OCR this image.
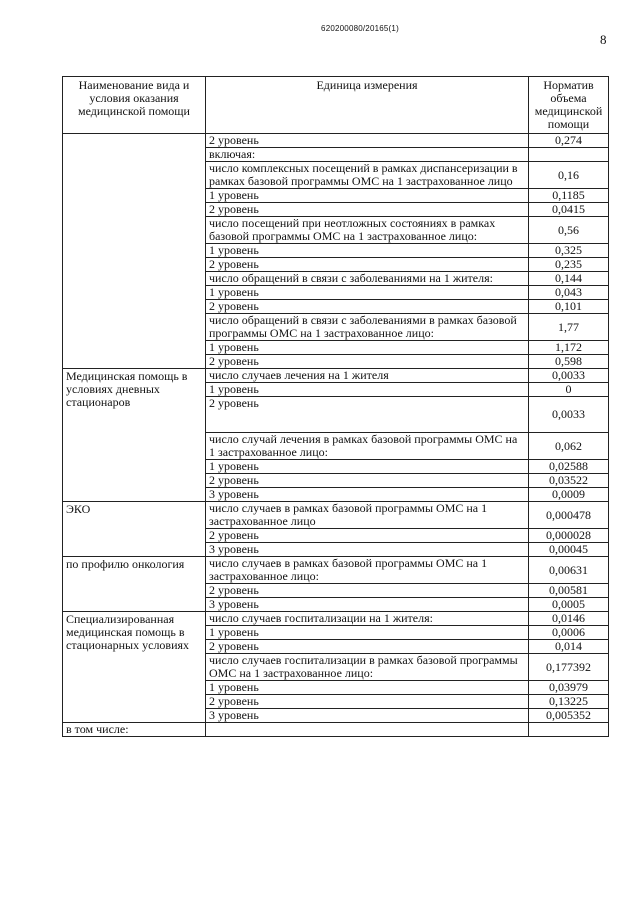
620200080/20165(1)
8
Наименование вида и условия оказания медицинской помощи	Единица измерения	Норматив объема медицинской помощи
	2 уровень	0,274
	включая:	
	число комплексных посещений в рамках диспансеризации в рамках базовой программы ОМС на 1 застрахованное лицо	0,16
	1 уровень	0,1185
	2 уровень	0,0415
	число посещений при неотложных состояниях в рамках базовой программы ОМС на 1 застрахованное лицо:	0,56
	1 уровень	0,325
	2 уровень	0,235
	число обращений в связи с заболеваниями на 1 жителя:	0,144
	1 уровень	0,043
	2 уровень	0,101
	число обращений в связи с заболеваниями в рамках базовой программы ОМС на 1 застрахованное лицо:	1,77
	1 уровень	1,172
	2 уровень	0,598
Медицинская помощь в условиях дневных стационаров	число случаев лечения на 1 жителя	0,0033
	1 уровень	0
	2 уровень	0,0033
	число случай лечения в рамках базовой программы ОМС на 1 застрахованное лицо:	0,062
	1 уровень	0,02588
	2 уровень	0,03522
	3 уровень	0,0009
ЭКО	число случаев в рамках базовой программы ОМС на 1 застрахованное лицо	0,000478
	2 уровень	0,000028
	3 уровень	0,00045
по профилю онкология	число случаев в рамках базовой программы ОМС на 1 застрахованное лицо:	0,00631
	2 уровень	0,00581
	3 уровень	0,0005
Специализированная медицинская помощь в стационарных условиях	число случаев госпитализации на 1 жителя:	0,0146
	1 уровень	0,0006
	2 уровень	0,014
	число случаев госпитализации в рамках базовой программы ОМС на 1 застрахованное лицо:	0,177392
	1 уровень	0,03979
	2 уровень	0,13225
	3 уровень	0,005352
в том числе:		
